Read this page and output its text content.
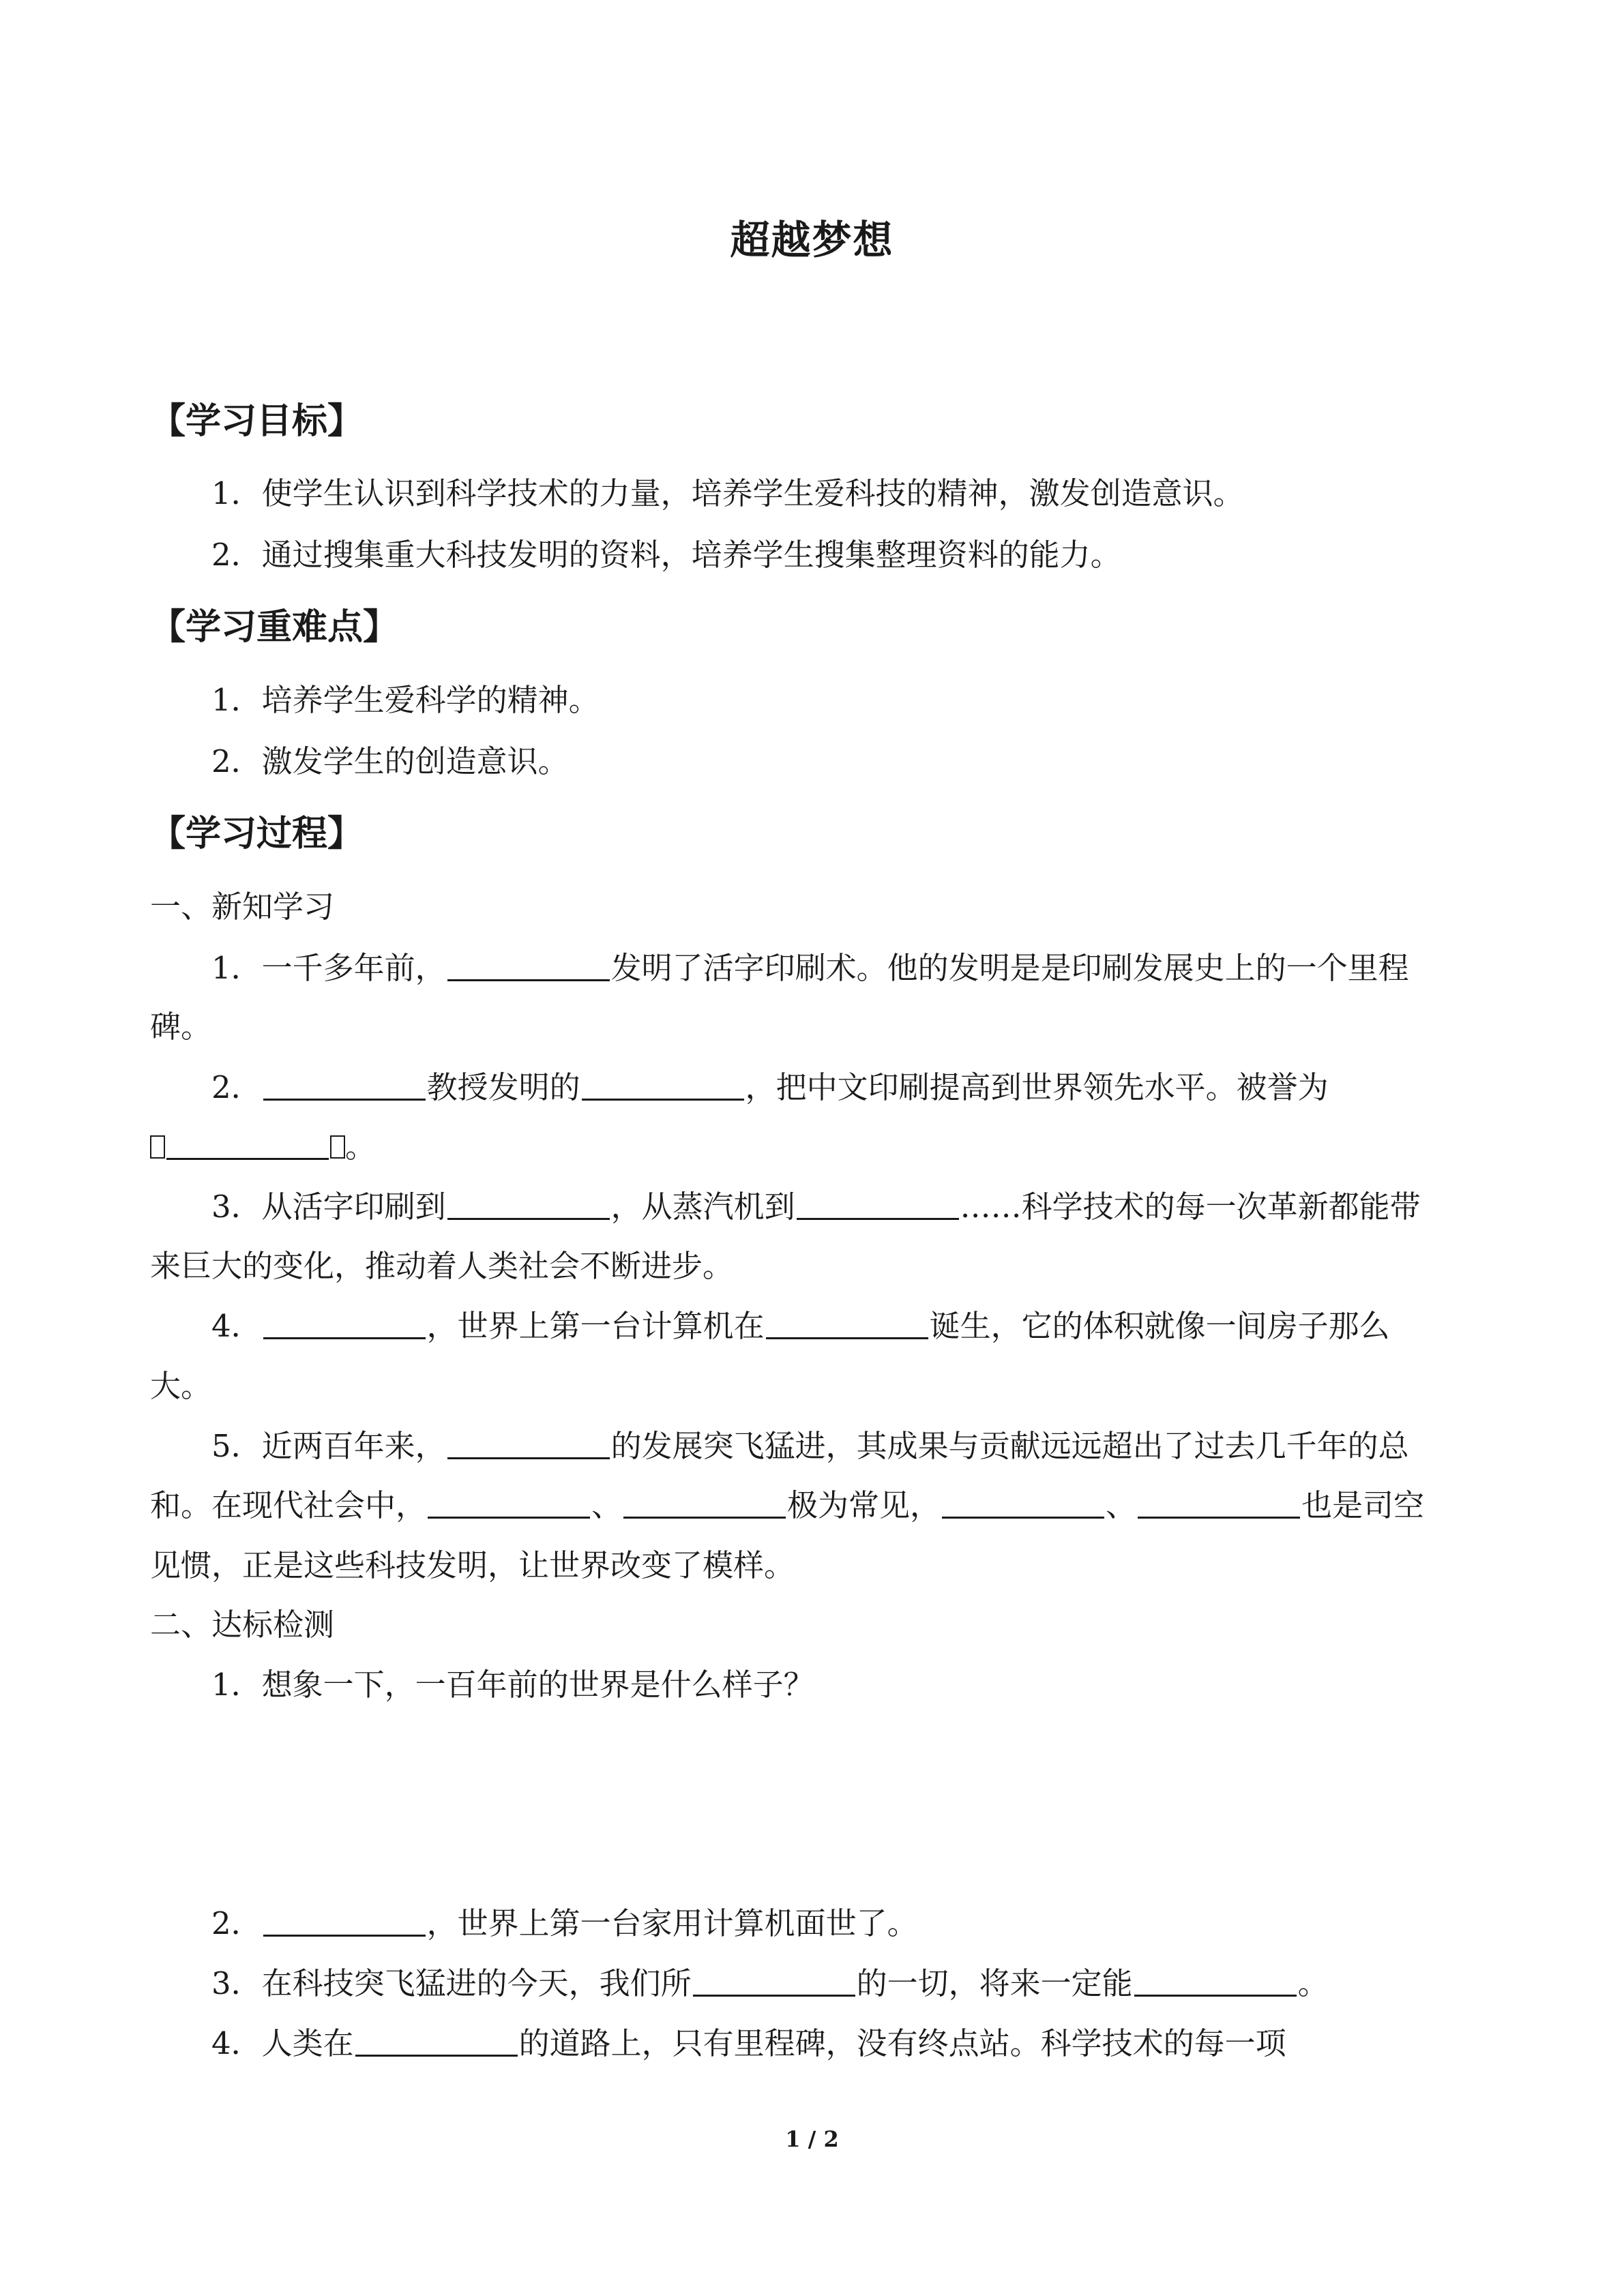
超越梦想
【学习目标】
1．使学生认识到科学技术的力量，培养学生爱科技的精神，激发创造意识。
2．通过搜集重大科技发明的资料，培养学生搜集整理资料的能力。
【学习重难点】
1．培养学生爱科学的精神。
2．激发学生的创造意识。
【学习过程】
一、新知学习
1．一千多年前，	发明了活字印刷术。他的发明是是印刷发展史上的一个里程
碑。
2．	教授发明的	，把中文印刷提高到世界领先水平。被誉为
。
3．从活字印刷到	，从蒸汽机到	……科学技术的每一次革新都能带
来巨大的变化，推动着人类社会不断进步。
4．	，世界上第一台计算机在	诞生，它的体积就像一间房子那么
大。
5．近两百年来，	的发展突飞猛进，其成果与贡献远远超出了过去几千年的总
和。在现代社会中，	、	极为常见，	、	也是司空
见惯，正是这些科技发明，让世界改变了模样。
二、达标检测
1．想象一下，一百年前的世界是什么样子？
2．	，世界上第一台家用计算机面世了。
3．在科技突飞猛进的今天，我们所	的一切，将来一定能	。
4．人类在	的道路上，只有里程碑，没有终点站。科学技术的每一项
1 / 2
